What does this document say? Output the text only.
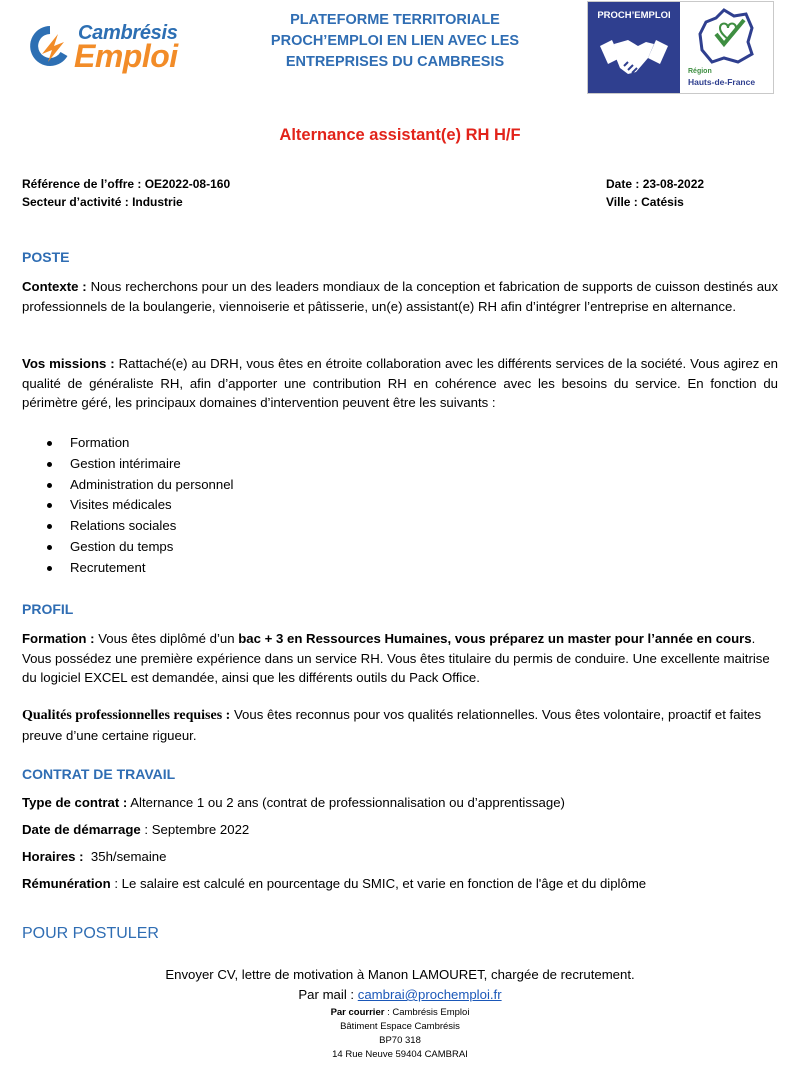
Cambrésis
Emploi
PLATEFORME TERRITORIALE
PROCH’EMPLOI EN LIEN AVEC LES
ENTREPRISES DU CAMBRESIS
PROCH’EMPLOI
Région
Hauts-de-France
Alternance assistant(e) RH H/F
Référence de l’offre : OE2022-08-160
Secteur d’activité : Industrie
Date : 23-08-2022
Ville : Catésis
POSTE
Contexte : Nous recherchons pour un des leaders mondiaux de la conception et fabrication de supports de cuisson destinés aux professionnels de la boulangerie, viennoiserie et pâtisserie, un(e) assistant(e) RH afin d’intégrer l’entreprise en alternance.
Vos missions : Rattaché(e) au DRH, vous êtes en étroite collaboration avec les différents services de la société. Vous agirez en qualité de généraliste RH, afin d’apporter une contribution RH en cohérence avec les besoins du service. En fonction du périmètre géré, les principaux domaines d’intervention peuvent être les suivants :
Formation
Gestion intérimaire
Administration du personnel
Visites médicales
Relations sociales
Gestion du temps
Recrutement
PROFIL
Formation : Vous êtes diplômé d’un bac + 3 en Ressources Humaines, vous préparez un master pour l’année en cours. Vous possédez une première expérience dans un service RH. Vous êtes titulaire du permis de conduire. Une excellente maitrise du logiciel EXCEL est demandée, ainsi que les différents outils du Pack Office.
Qualités professionnelles requises : Vous êtes reconnus pour vos qualités relationnelles. Vous êtes volontaire, proactif et faites preuve d’une certaine rigueur.
CONTRAT DE TRAVAIL
Type de contrat : Alternance 1 ou 2 ans (contrat de professionnalisation ou d’apprentissage)
Date de démarrage : Septembre 2022
Horaires :  35h/semaine
Rémunération : Le salaire est calculé en pourcentage du SMIC, et varie en fonction de l'âge et du diplôme
POUR POSTULER
Envoyer CV, lettre de motivation à Manon LAMOURET, chargée de recrutement.
Par mail : cambrai@prochemploi.fr
Par courrier : Cambrésis Emploi
Bâtiment Espace Cambrésis
BP70 318
14 Rue Neuve 59404 CAMBRAI
